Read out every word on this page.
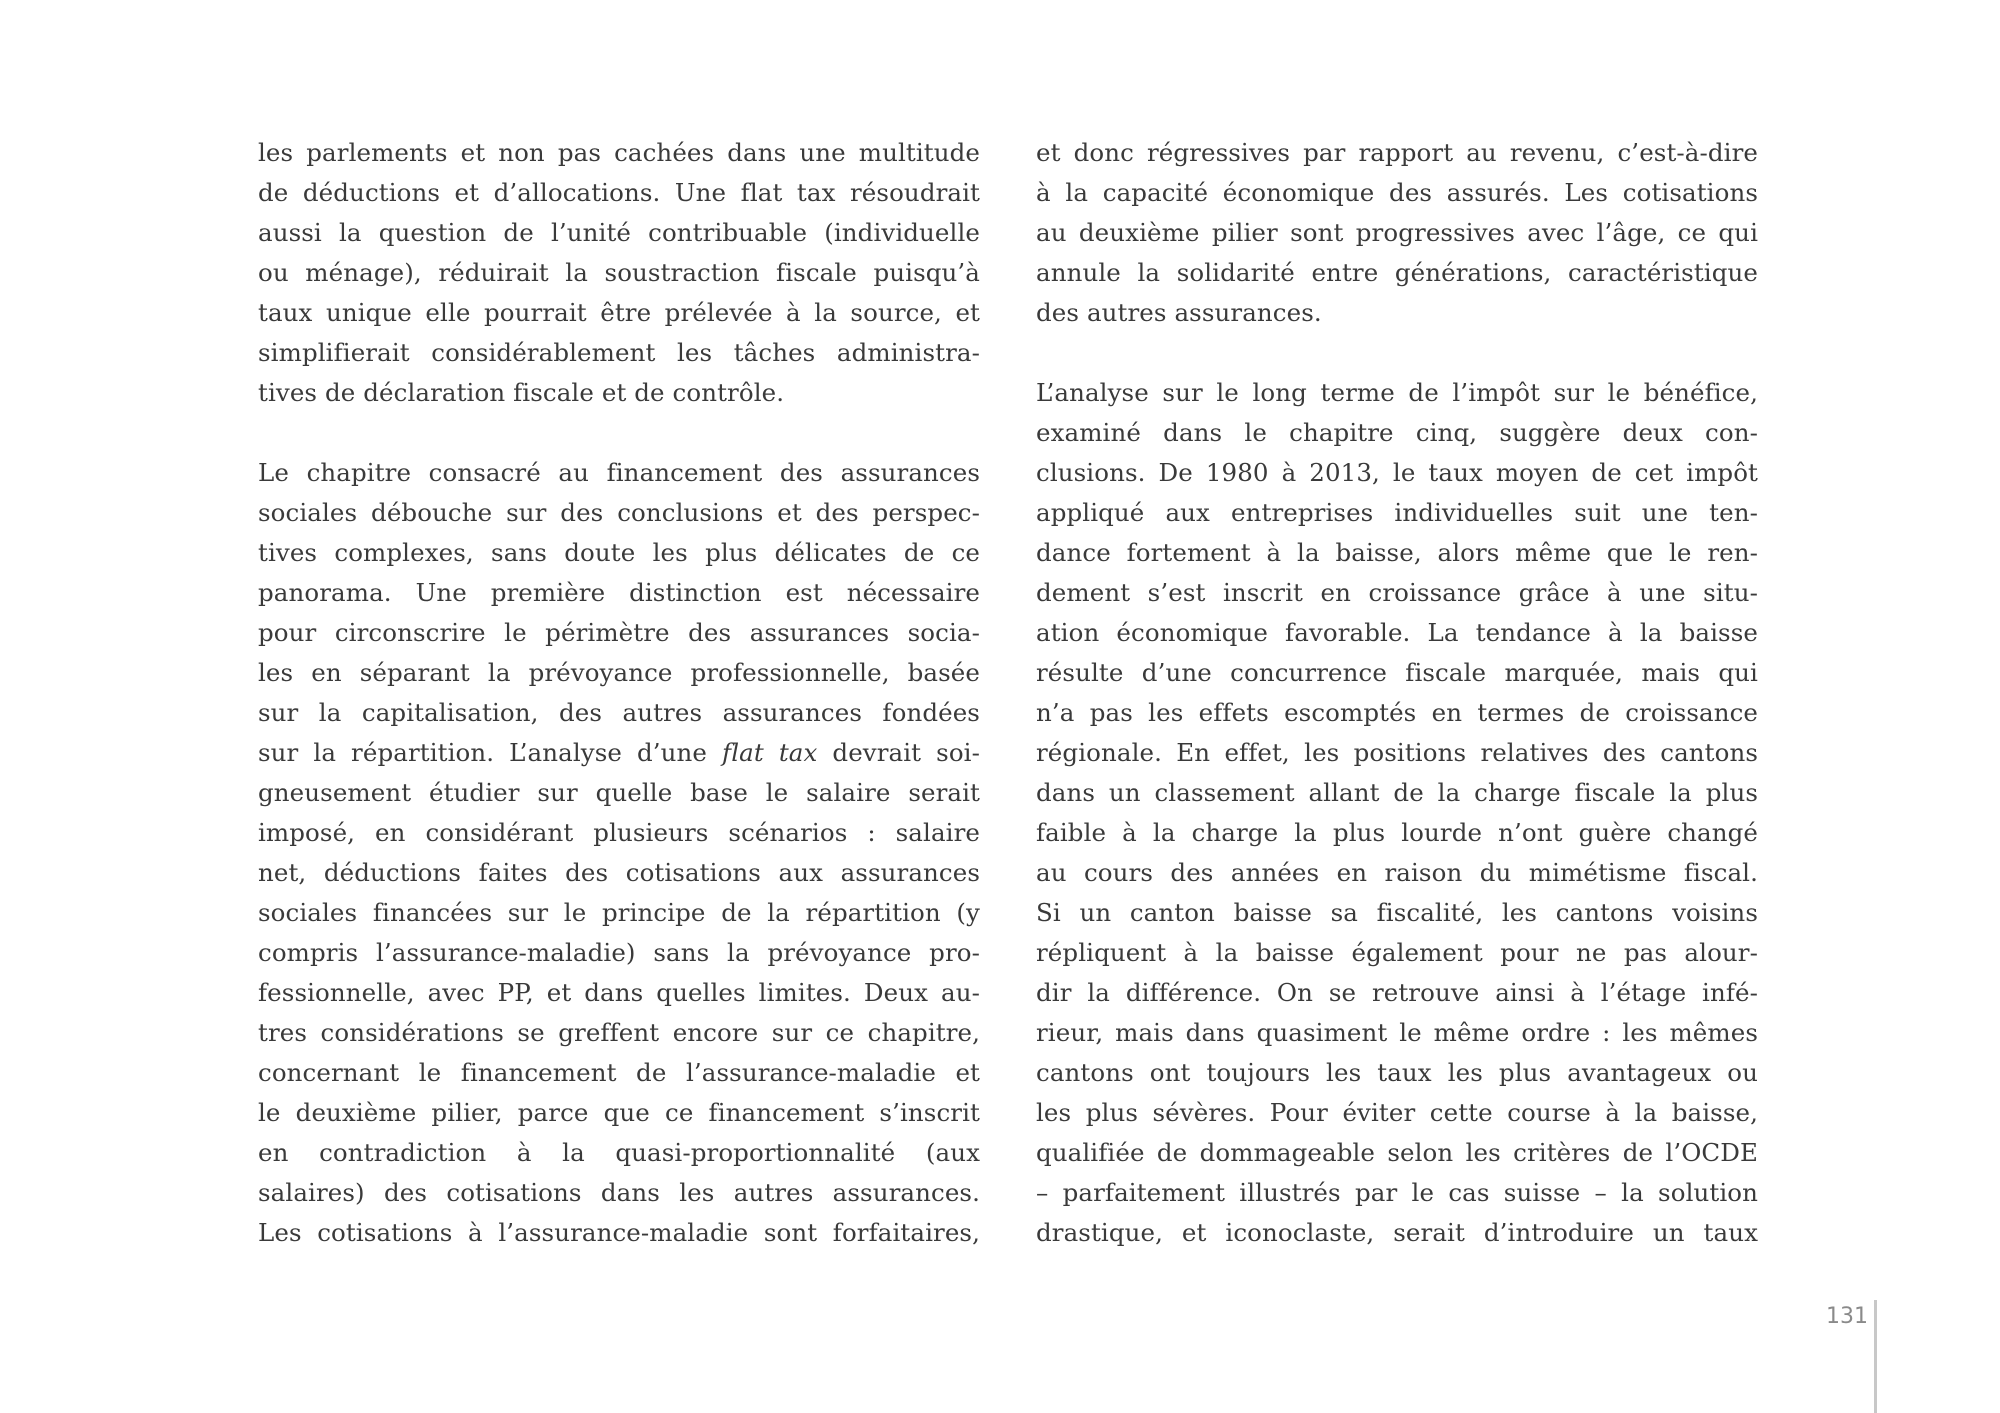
les parlements et non pas cachées dans une multitude
de déductions et d’allocations. Une flat tax résoudrait
aussi la question de l’unité contribuable (individuelle
ou ménage), réduirait la soustraction fiscale puisqu’à
taux unique elle pourrait être prélevée à la source, et
simplifierait considérablement les tâches administra-
tives de déclaration fiscale et de contrôle.
Le chapitre consacré au financement des assurances
sociales débouche sur des conclusions et des perspec-
tives complexes, sans doute les plus délicates de ce
panorama. Une première distinction est nécessaire
pour circonscrire le périmètre des assurances socia-
les en séparant la prévoyance professionnelle, basée
sur la capitalisation, des autres assurances fondées
sur la répartition. L’analyse d’une flat tax devrait soi-
gneusement étudier sur quelle base le salaire serait
imposé, en considérant plusieurs scénarios : salaire
net, déductions faites des cotisations aux assurances
sociales financées sur le principe de la répartition (y
compris l’assurance-maladie) sans la prévoyance pro-
fessionnelle, avec PP, et dans quelles limites. Deux au-
tres considérations se greffent encore sur ce chapitre,
concernant le financement de l’assurance-maladie et
le deuxième pilier, parce que ce financement s’inscrit
en contradiction à la quasi-proportionnalité (aux
salaires) des cotisations dans les autres assurances.
Les cotisations à l’assurance-maladie sont forfaitaires,
et donc régressives par rapport au revenu, c’est-à-dire
à la capacité économique des assurés. Les cotisations
au deuxième pilier sont progressives avec l’âge, ce qui
annule la solidarité entre générations, caractéristique
des autres assurances.
L’analyse sur le long terme de l’impôt sur le bénéfice,
examiné dans le chapitre cinq, suggère deux con-
clusions. De 1980 à 2013, le taux moyen de cet impôt
appliqué aux entreprises individuelles suit une ten-
dance fortement à la baisse, alors même que le ren-
dement s’est inscrit en croissance grâce à une situ-
ation économique favorable. La tendance à la baisse
résulte d’une concurrence fiscale marquée, mais qui
n’a pas les effets escomptés en termes de croissance
régionale. En effet, les positions relatives des cantons
dans un classement allant de la charge fiscale la plus
faible à la charge la plus lourde n’ont guère changé
au cours des années en raison du mimétisme fiscal.
Si un canton baisse sa fiscalité, les cantons voisins
répliquent à la baisse également pour ne pas alour-
dir la différence. On se retrouve ainsi à l’étage infé-
rieur, mais dans quasiment le même ordre : les mêmes
cantons ont toujours les taux les plus avantageux ou
les plus sévères. Pour éviter cette course à la baisse,
qualifiée de dommageable selon les critères de l’OCDE
– parfaitement illustrés par le cas suisse – la solution
drastique, et iconoclaste, serait d’introduire un taux
131
